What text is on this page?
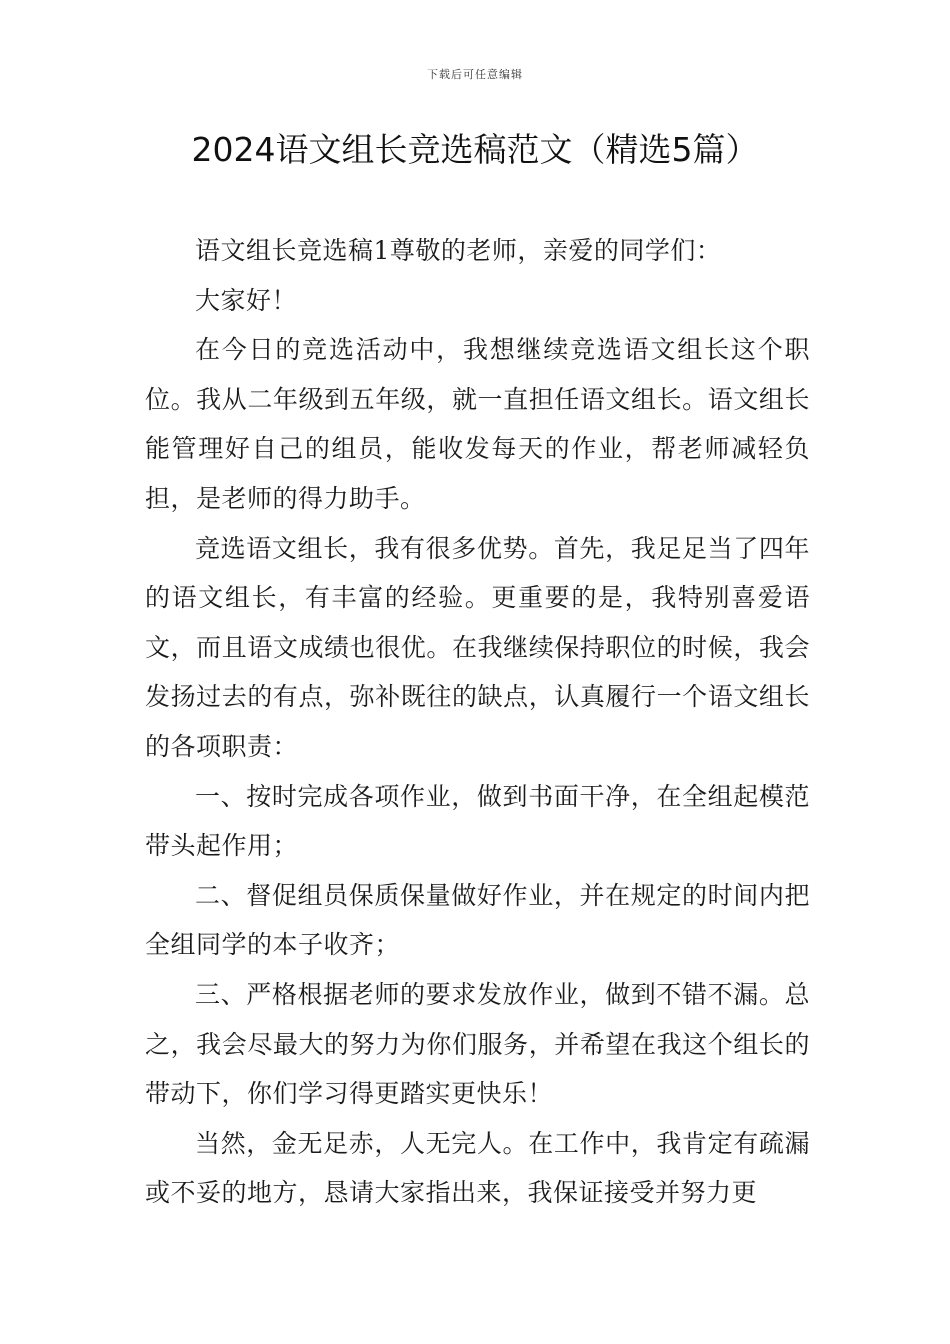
下载后可任意编辑
2024语文组长竞选稿范文（精选5篇）

语文组长竞选稿1尊敬的老师，亲爱的同学们：

大家好！

在今日的竞选活动中，我想继续竞选语文组长这个职位。我从二年级到五年级，就一直担任语文组长。语文组长能管理好自己的组员，能收发每天的作业，帮老师减轻负担，是老师的得力助手。

竞选语文组长，我有很多优势。首先，我足足当了四年的语文组长，有丰富的经验。更重要的是，我特别喜爱语文，而且语文成绩也很优。在我继续保持职位的时候，我会发扬过去的有点，弥补既往的缺点，认真履行一个语文组长的各项职责：

一、按时完成各项作业，做到书面干净，在全组起模范带头起作用；

二、督促组员保质保量做好作业，并在规定的时间内把全组同学的本子收齐；

三、严格根据老师的要求发放作业，做到不错不漏。总之，我会尽最大的努力为你们服务，并希望在我这个组长的带动下，你们学习得更踏实更快乐！

当然，金无足赤，人无完人。在工作中，我肯定有疏漏或不妥的地方，恳请大家指出来，我保证接受并努力更
